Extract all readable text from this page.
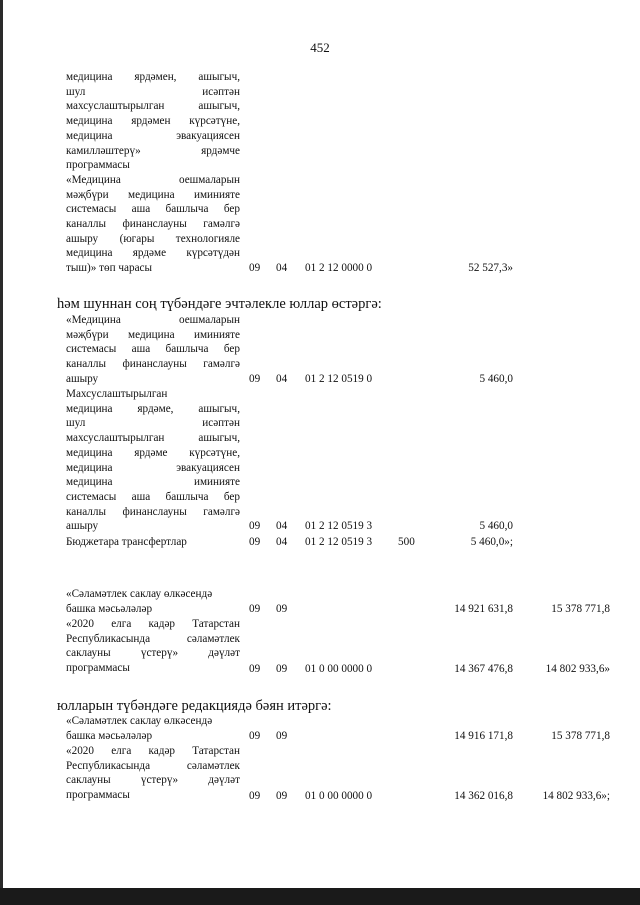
452
медицина ярдәмен, ашыгыч,
шул исәптән
махсуслаштырылган ашыгыч,
медицина ярдәмен күрсәтүне,
медицина эвакуациясен
камилләштерү» ярдәмче
программасы
«Медицина оешмаларын
мәҗбүри медицина иминияте
системасы аша башлыча бер
каналлы финанслауны гамәлгә
ашыру (югары технологияле
медицина ярдәме күрсәтүдән
тыш)» төп чарасы	09 04 01 2 12 0000 0	52 527,3»
һәм шуннан соң түбәндәге эчтәлекле юллар өстәргә:
«Медицина оешмаларын
мәҗбүри медицина иминияте
системасы аша башлыча бер
каналлы финанслауны гамәлгә
ашыру	09 04 01 2 12 0519 0	5 460,0
Махсуслаштырылган
медицина ярдәме, ашыгыч,
шул исәптән
махсуслаштырылган ашыгыч,
медицина ярдәме күрсәтүне,
медицина эвакуациясен
медицина иминияте
системасы аша башлыча бер
каналлы финанслауны гамәлгә
ашыру	09 04 01 2 12 0519 3	5 460,0
Бюджетара трансфертлар	09 04 01 2 12 0519 3 500	5 460,0»;
«Сәламәтлек саклау өлкәсендә
башка мәсьәләләр	09 09	14 921 631,8	15 378 771,8
«2020 елга кадәр Татарстан
Республикасында сәламәтлек
саклауны үстерү» дәүләт
программасы	09 09 01 0 00 0000 0	14 367 476,8	14 802 933,6»
юлларын түбәндәге редакциядә бәян итәргә:
«Сәламәтлек саклау өлкәсендә
башка мәсьәләләр	09 09	14 916 171,8	15 378 771,8
«2020 елга кадәр Татарстан
Республикасында сәламәтлек
саклауны үстерү» дәүләт
программасы	09 09 01 0 00 0000 0	14 362 016,8	14 802 933,6»;
